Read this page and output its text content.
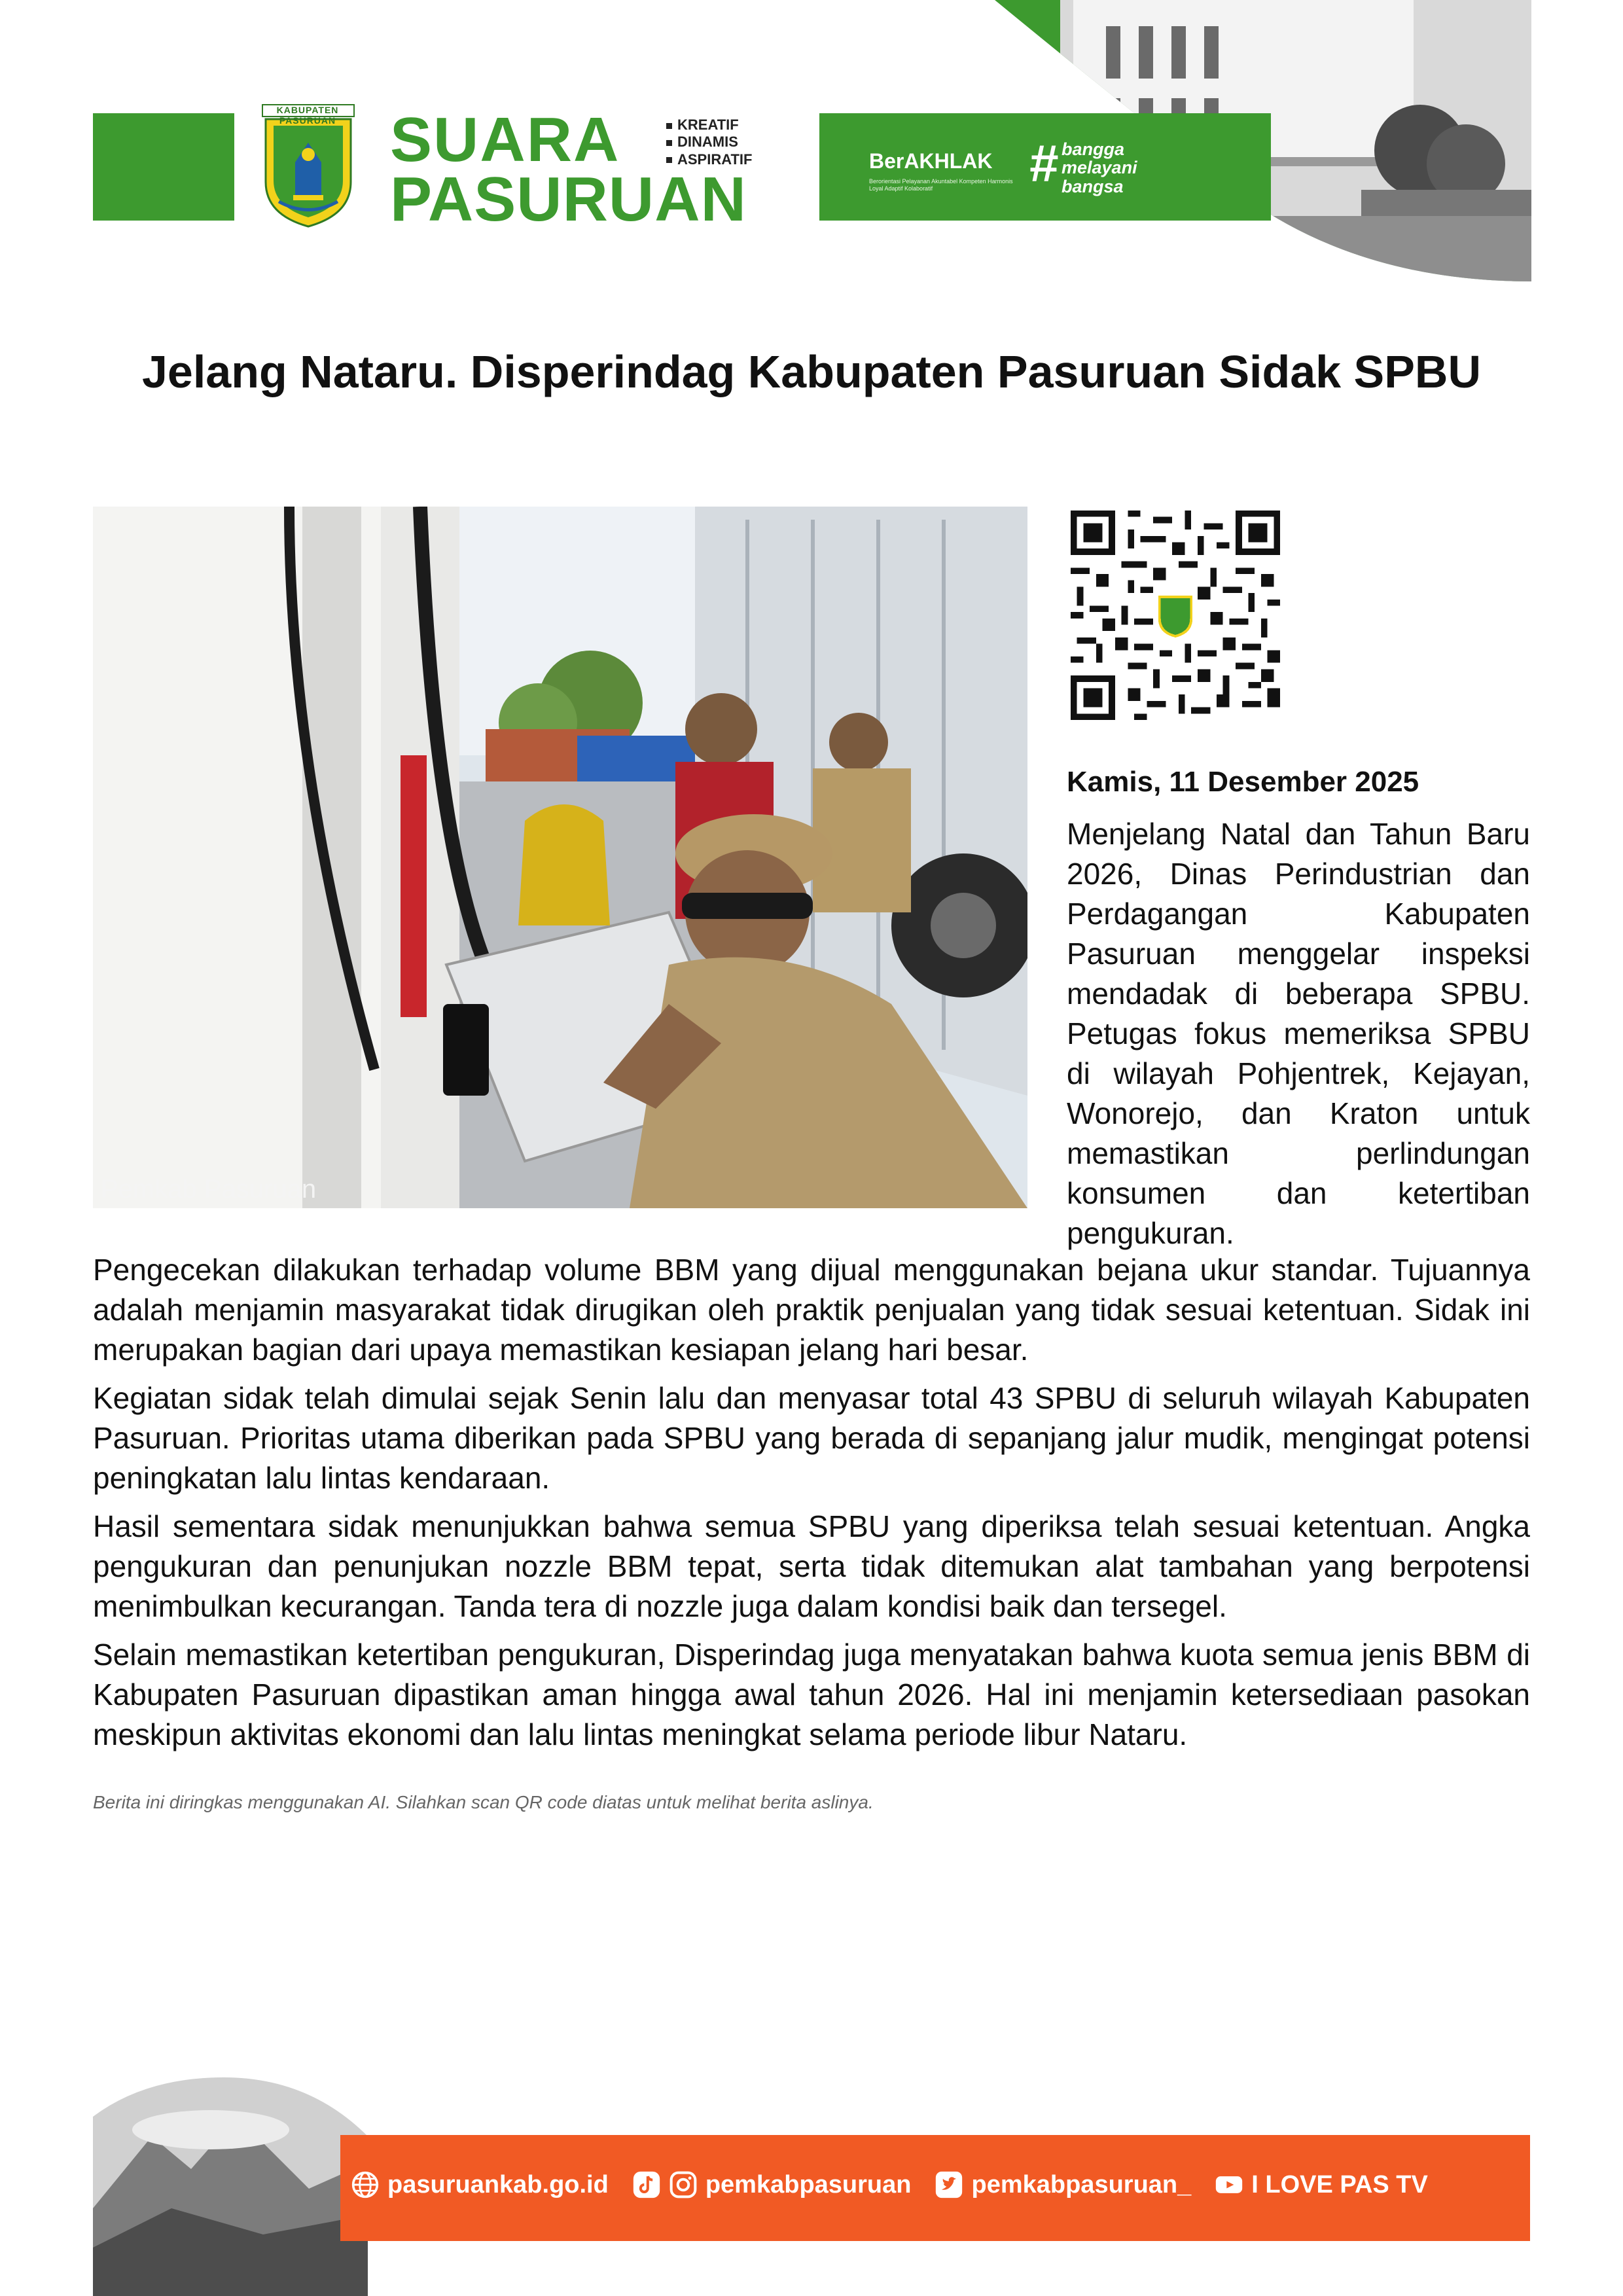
KABUPATEN PASURUAN SUARA
PASURUAN
KREATIF
DINAMIS
ASPIRATIF	BerAKHLAK
Berorientasi Pelayanan Akuntabel Kompeten Harmonis Loyal Adaptif Kolaboratif	# bangga
melayani
bangsa
Jelang Nataru. Disperindag Kabupaten Pasuruan Sidak SPBU
Pemkab Pasuruan
Kamis, 11 Desember 2025

Menjelang Natal dan Tahun Baru 2026, Dinas Perindustrian dan Perdagangan Kabupaten Pasuruan menggelar inspeksi mendadak di beberapa SPBU. Petugas fokus memeriksa SPBU di wilayah Pohjentrek, Kejayan, Wonorejo, dan Kraton untuk memastikan perlindungan konsumen dan ketertiban pengukuran.

Pengecekan dilakukan terhadap volume BBM yang dijual menggunakan bejana ukur standar. Tujuannya adalah menjamin masyarakat tidak dirugikan oleh praktik penjualan yang tidak sesuai ketentuan. Sidak ini merupakan bagian dari upaya memastikan kesiapan jelang hari besar.

Kegiatan sidak telah dimulai sejak Senin lalu dan menyasar total 43 SPBU di seluruh wilayah Kabupaten Pasuruan. Prioritas utama diberikan pada SPBU yang berada di sepanjang jalur mudik, mengingat potensi peningkatan lalu lintas kendaraan.

Hasil sementara sidak menunjukkan bahwa semua SPBU yang diperiksa telah sesuai ketentuan. Angka pengukuran dan penunjukan nozzle BBM tepat, serta tidak ditemukan alat tambahan yang berpotensi menimbulkan kecurangan. Tanda tera di nozzle juga dalam kondisi baik dan tersegel.

Selain memastikan ketertiban pengukuran, Disperindag juga menyatakan bahwa kuota semua jenis BBM di Kabupaten Pasuruan dipastikan aman hingga awal tahun 2026. Hal ini menjamin ketersediaan pasokan meskipun aktivitas ekonomi dan lalu lintas meningkat selama periode libur Nataru.

Berita ini diringkas menggunakan AI. Silahkan scan QR code diatas untuk melihat berita aslinya.
pasuruankab.go.id	pemkabpasuruan pemkabpasuruan_ I LOVE PAS TV
